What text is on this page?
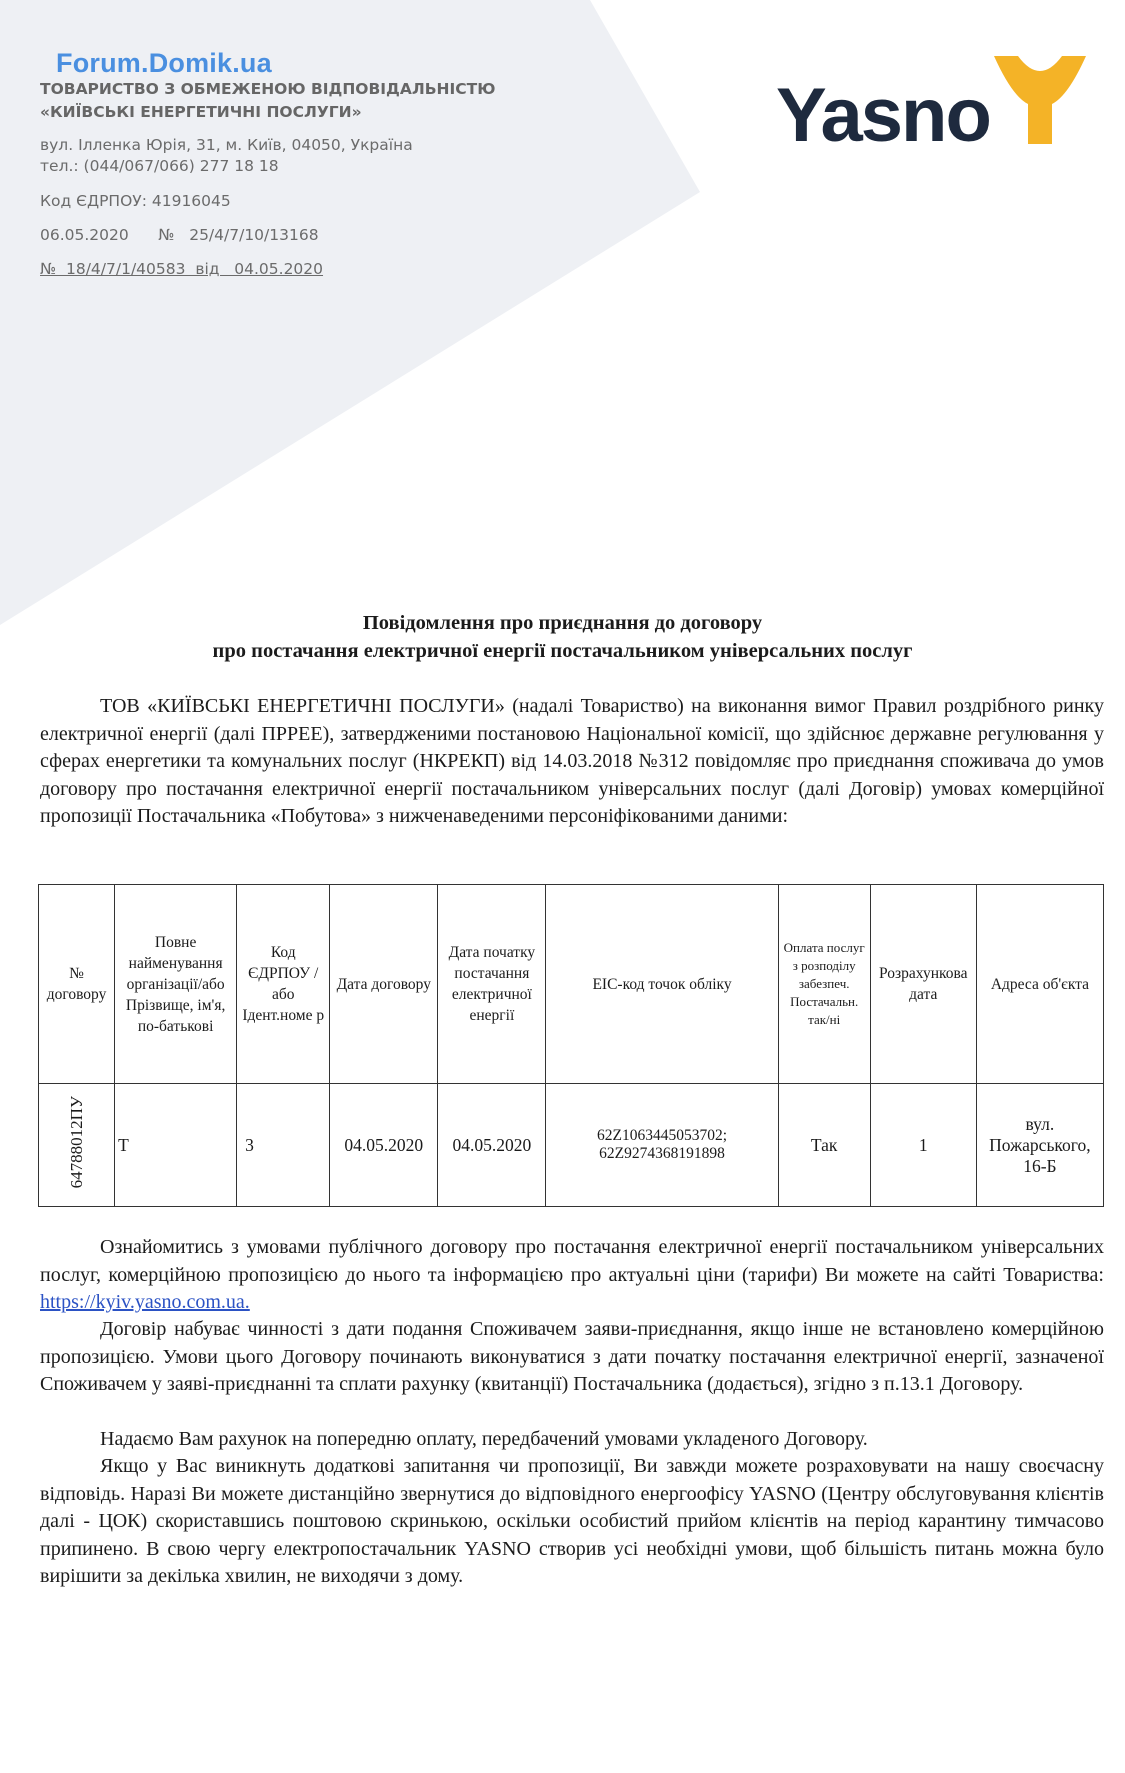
Forum.Domik.ua
ТОВАРИСТВО З ОБМЕЖЕНОЮ ВІДПОВІДАЛЬНІСТЮ
«КИЇВСЬКІ ЕНЕРГЕТИЧНІ ПОСЛУГИ»
вул. Ілленка Юрія, 31, м. Київ, 04050, Україна
тел.: (044/067/066) 277 18 18
Код ЄДРПОУ: 41916045
06.05.2020      №   25/4/7/10/13168
№  18/4/7/1/40583  від   04.05.2020
Yasno
Повідомлення про приєднання до договору
про постачання електричної енергії постачальником універсальних послуг
ТОВ «КИЇВСЬКІ ЕНЕРГЕТИЧНІ ПОСЛУГИ» (надалі Товариство) на виконання вимог Правил роздрібного ринку електричної енергії (далі ПРРЕЕ), затвердженими постановою Національної комісії, що здійснює державне регулювання у сферах енергетики та комунальних послуг (НКРЕКП) від 14.03.2018 №312 повідомляє про приєднання споживача до умов договору про постачання електричної енергії постачальником універсальних послуг (далі Договір) умовах комерційної пропозиції Постачальника «Побутова» з нижченаведеними персоніфікованими даними:
№ договору	Повне найменування організації/або Прізвище, ім'я, по-батькові	Код ЄДРПОУ /або Ідент.номе р	Дата договору	Дата початку постачання електричної енергії	ЕІС-код точок обліку	Оплата послуг з розподілу забезпеч. Постачальн. так/ні	Розрахункова дата	Адреса об'єкта
64788012ПУ	Т	3	04.05.2020	04.05.2020	62Z1063445053702; 62Z9274368191898	Так	1	вул. Пожарського, 16-Б
Ознайомитись з умовами публічного договору про постачання електричної енергії постачальником універсальних послуг, комерційною пропозицією до нього та інформацією про актуальні ціни (тарифи) Ви можете на сайті Товариства: https://kyiv.yasno.com.ua.
Договір набуває чинності з дати подання Споживачем заяви-приєднання, якщо інше не встановлено комерційною пропозицією. Умови цього Договору починають виконуватися з дати початку постачання електричної енергії, зазначеної Споживачем у заяві-приєднанні та сплати рахунку (квитанції) Постачальника (додається), згідно з п.13.1 Договору.
Надаємо Вам рахунок на попередню оплату, передбачений умовами укладеного Договору.
Якщо у Вас виникнуть додаткові запитання чи пропозиції, Ви завжди можете розраховувати на нашу своєчасну відповідь. Наразі Ви можете дистанційно звернутися до відповідного енергоофісу YASNO (Центру обслуговування клієнтів далі - ЦОК) скориставшись поштовою скринькою, оскільки особистий прийом клієнтів на період карантину тимчасово припинено. В свою чергу електропостачальник YASNO створив усі необхідні умови, щоб більшість питань можна було вирішити за декілька хвилин, не виходячи з дому.
